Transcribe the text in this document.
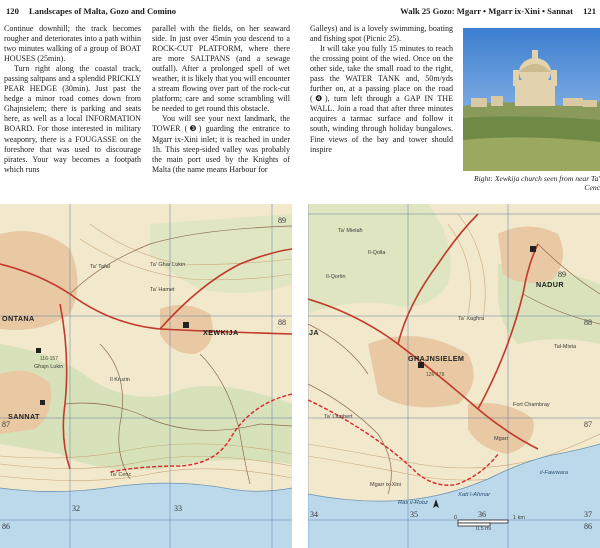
120 Landscapes of Malta, Gozo and Comino

Continue downhill; the track becomes rougher and deteriorates into a path within two minutes walking of a group of BOAT HOUSES (25min).

Turn right along the coastal track, passing saltpans and a splendid PRICKLY PEAR HEDGE (30min). Just past the hedge a minor road comes down from Għajnsielem; there is parking and seats here, as well as a local INFORMATION BOARD. For those interested in military weaponry, there is a FOUGASSE on the foreshore that was used to discourage pirates. Your way becomes a footpath which runs

parallel with the fields, on her seaward side. In just over 45min you descend to a ROCK-CUT PLATFORM, where there are more SALTPANS (and a sewage outfall). After a prolonged spell of wet weather, it is likely that you will encounter a stream flowing over part of the rock-cut platform; care and some scrambling will be needed to get round this obstacle.

You will see your next landmark, the TOWER (❸) guarding the entrance to Mgarr ix-Xini inlet; it is reached in under 1h. This steep-sided valley was probably the main port used by the Knights of Malta (the name means Harbour for

XEWKIJA
ONTANA
SANNAT
32	33
86
87
88
89
Ta' Għar Lukin
Ta' Hamet
Il Kruzin
Ta' Tafal
Ta' Cenc
116·157
Għajn Lukin
Walk 25 Gozo: Mgarr • Mgarr ix-Xini • Sannat 121

Galleys) and is a lovely swimming, boating and fishing spot (Picnic 25).

It will take you fully 15 minutes to reach the crossing point of the wied. Once on the other side, take the small road to the right, pass the WATER TANK and, 50m/yds further on, at a passing place on the road (❹), turn left through a GAP IN THE WALL. Join a road that after three minutes acquires a tarmac surface and follow it south, winding through holiday bungalows. Fine views of the bay and tower should inspire

Right: Xewkija church seen from near Ta' Cenc
NADUR
GĦAJNSIELEM
JA
34	35	36	37
86
87
88
89
1 km
0.5 mi
0
Mgarr
Fort Chambray
il-Fawwara
Ras il-Ħobż
Xatt l-Aħmar
Il-Qolla
Ta' Xagħra
Ta' Lambert
Mgarr ix-Xini
126·178
Ta' Mielaħ
Il-Qortin
Tal-Mixta
